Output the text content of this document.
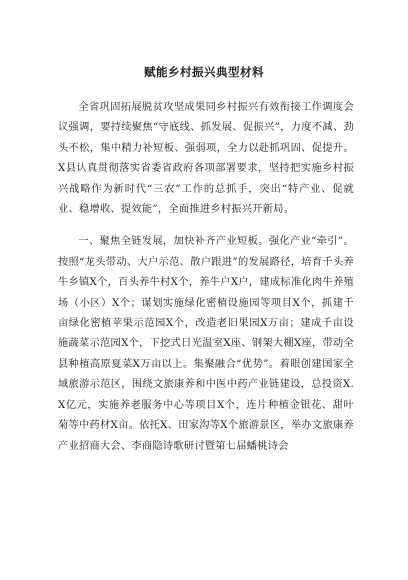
赋能乡村振兴典型材料

全省巩固拓展脱贫攻坚成果同乡村振兴有效衔接工作调度会议强调，要持续聚焦“守底线、抓发展、促振兴”，力度不减、劲头不松，集中精力补短板、强弱项，全力以赴抓巩固、促提升。X县认真贯彻落实省委省政府各项部署要求，坚持把实施乡村振兴战略作为新时代“三农”工作的总抓手，突出“特产业、促就业、稳增收、提效能”，全面推进乡村振兴开新局。

一、聚焦全链发展，加快补齐产业短板。强化产业“牵引”。按照“龙头带动、大户示范、散户跟进”的发展路径，培育千头养牛乡镇X个，百头养牛村X个，养牛户X户，建成标准化肉牛养殖场（小区）X个；谋划实施绿化密植设施园等项目X个，抓建千亩绿化密植苹果示范园X个，改造老旧果园X万亩；建成千亩设施蔬菜示范园X个，下挖式日光温室X座、钢架大棚X座，带动全县种植高原夏菜X万亩以上。集聚融合“优势”。着眼创建国家全域旅游示范区，围绕文旅康养和中医中药产业链建设，总投资X.X亿元，实施养老服务中心等项目X个，连片种植金银花、甜叶菊等中药材X亩。依托X、田家沟等X个旅游景区，举办文旅康养产业招商大会、李商隐诗歌研讨暨第七届蟠桃诗会
